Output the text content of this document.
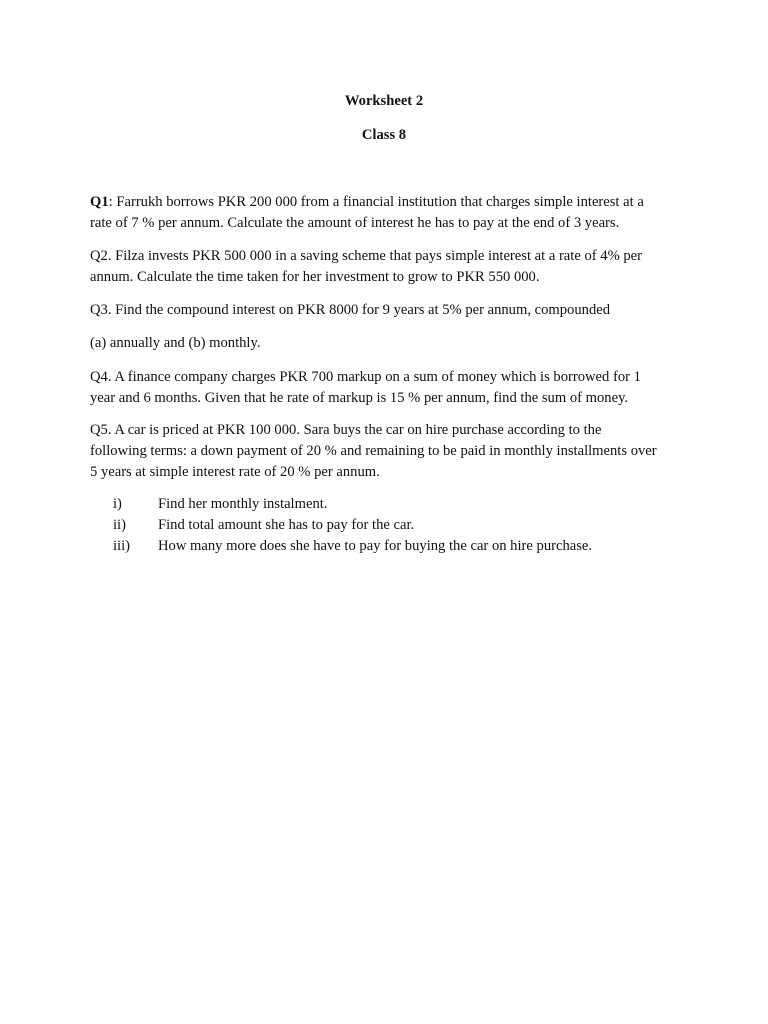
Worksheet 2
Class 8
Q1: Farrukh borrows PKR 200 000 from a financial institution that charges simple interest at a
rate of 7 % per annum. Calculate the amount of interest he has to pay at the end of 3 years.
Q2. Filza invests PKR 500 000 in a saving scheme that pays simple interest at a rate of 4% per
annum. Calculate the time taken for her investment to grow to PKR 550 000.
Q3. Find the compound interest on PKR 8000 for 9 years at 5% per annum, compounded
(a) annually and (b) monthly.
Q4. A finance company charges PKR 700 markup on a sum of money which is borrowed for 1
year and 6 months. Given that he rate of markup is 15 % per annum, find the sum of money.
Q5. A car is priced at PKR 100 000. Sara buys the car on hire purchase according to the
following terms: a down payment of 20 % and remaining to be paid in monthly installments over
5 years at simple interest rate of 20 % per annum.
i)	Find her monthly instalment.
ii)	Find total amount she has to pay for the car.
iii)	How many more does she have to pay for buying the car on hire purchase.
